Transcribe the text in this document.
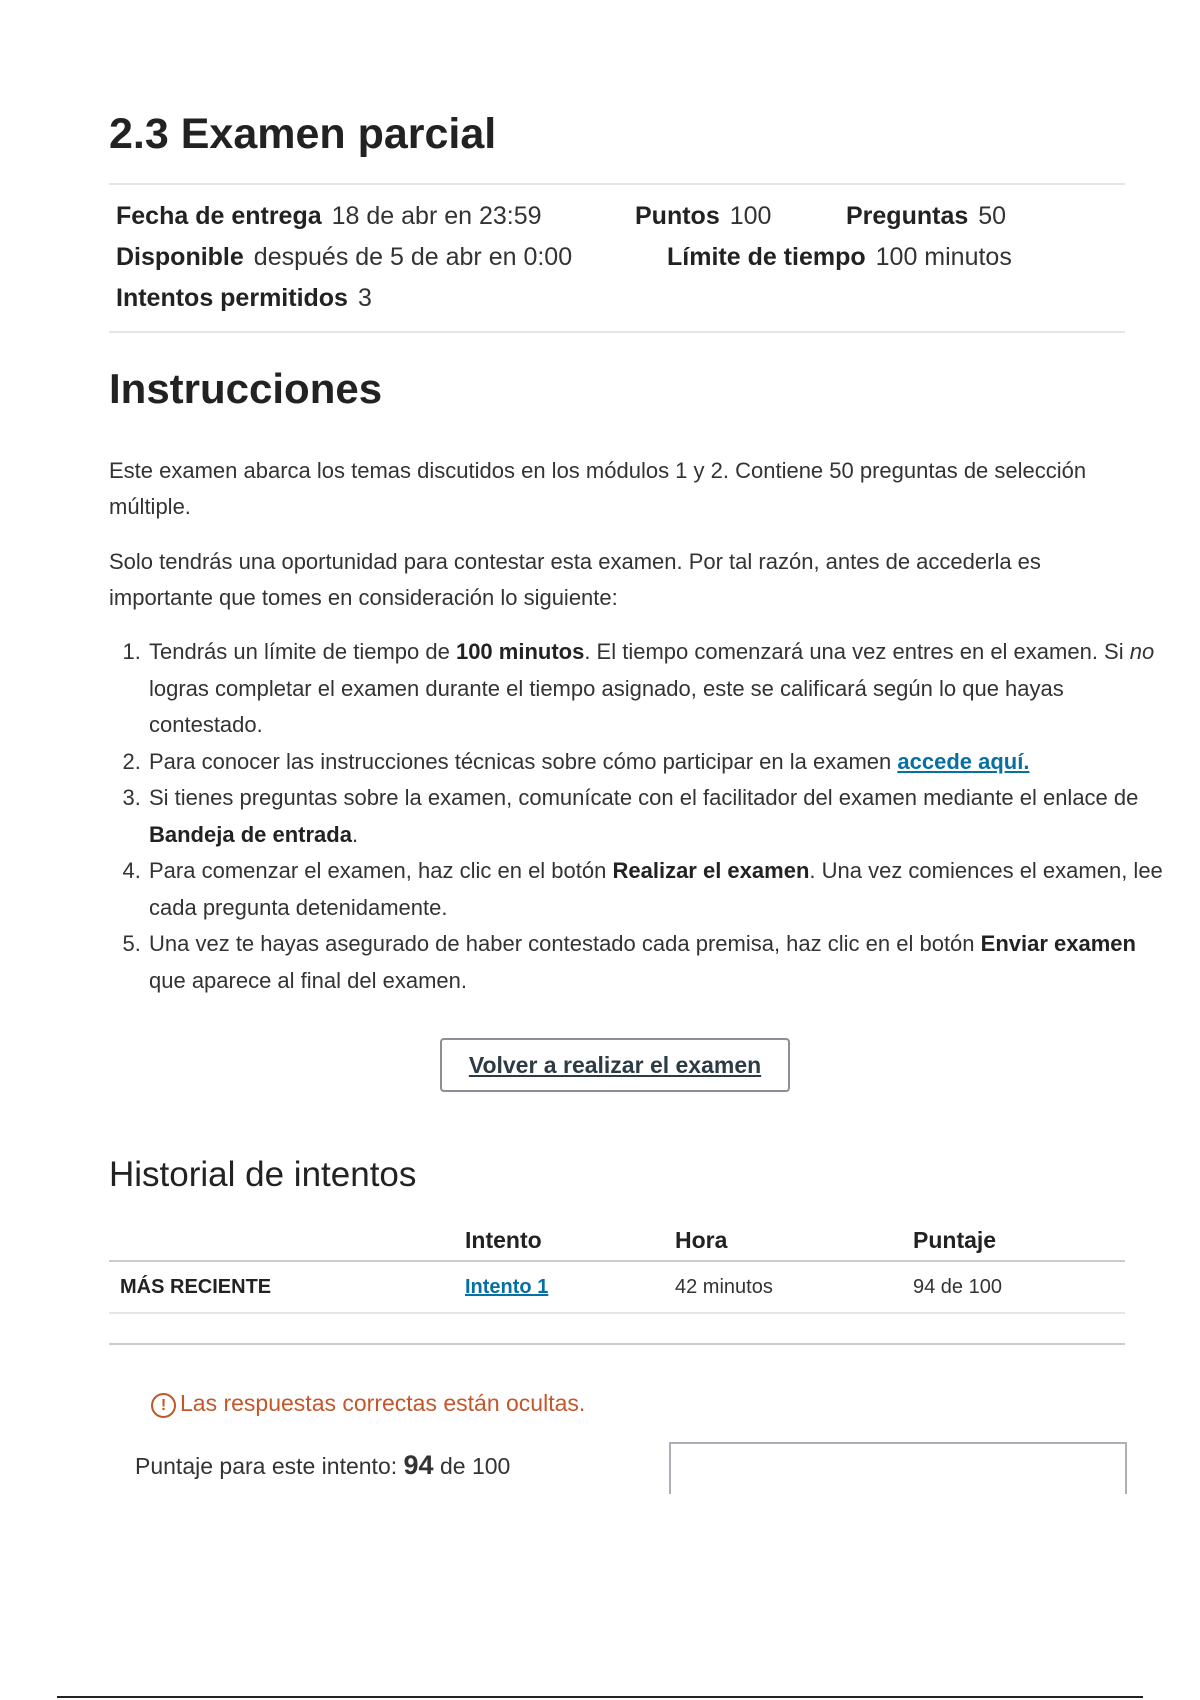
2.3 Examen parcial
Fecha de entrega 18 de abr en 23:59	Puntos 100	Preguntas 50
Disponible después de 5 de abr en 0:00	Límite de tiempo 100 minutos
Intentos permitidos 3
Instrucciones

Este examen abarca los temas discutidos en los módulos 1 y 2. Contiene 50 preguntas de selección múltiple.

Solo tendrás una oportunidad para contestar esta examen. Por tal razón, antes de accederla es importante que tomes en consideración lo siguiente:

1. Tendrás un límite de tiempo de 100 minutos. El tiempo comenzará una vez entres en el examen. Si no logras completar el examen durante el tiempo asignado, este se calificará según lo que hayas contestado.
2. Para conocer las instrucciones técnicas sobre cómo participar en la examen accede aquí.
3. Si tienes preguntas sobre la examen, comunícate con el facilitador del examen mediante el enlace de Bandeja de entrada.
4. Para comenzar el examen, haz clic en el botón Realizar el examen. Una vez comiences el examen, lee cada pregunta detenidamente.
5. Una vez te hayas asegurado de haber contestado cada premisa, haz clic en el botón Enviar examen que aparece al final del examen.
Volver a realizar el examen
Historial de intentos
	Intento	Hora	Puntaje
MÁS RECIENTE	Intento 1	42 minutos	94 de 100
! Las respuestas correctas están ocultas.
Puntaje para este intento: 94 de 100
